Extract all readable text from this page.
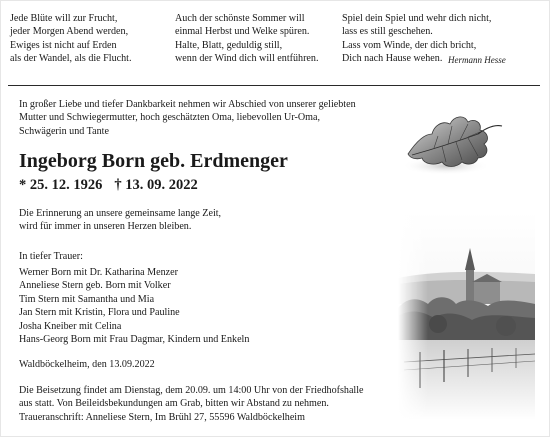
Jede Blüte will zur Frucht,
jeder Morgen Abend werden,
Ewiges ist nicht auf Erden
als der Wandel, als die Flucht.
Auch der schönste Sommer will
einmal Herbst und Welke spüren.
Halte, Blatt, geduldig still,
wenn der Wind dich will entführen.
Spiel dein Spiel und wehr dich nicht,
lass es still geschehen.
Lass vom Winde, der dich bricht,
Dich nach Hause wehen. Hermann Hesse
In großer Liebe und tiefer Dankbarkeit nehmen wir Abschied von unserer geliebten
Mutter und Schwiegermutter, hoch geschätzten Oma, liebevollen Ur-Oma,
Schwägerin und Tante
Ingeborg Born geb. Erdmenger
* 25. 12. 1926 † 13. 09. 2022
Die Erinnerung an unsere gemeinsame lange Zeit,
wird für immer in unseren Herzen bleiben.
In tiefer Trauer:
Werner Born mit Dr. Katharina Menzer
Anneliese Stern geb. Born mit Volker
Tim Stern mit Samantha und Mia
Jan Stern mit Kristin, Flora und Pauline
Josha Kneiber mit Celina
Hans-Georg Born mit Frau Dagmar, Kindern und Enkeln
Waldböckelheim, den 13.09.2022
Die Beisetzung findet am Dienstag, dem 20.09. um 14:00 Uhr von der Friedhofshalle
aus statt. Von Beileidsbekundungen am Grab, bitten wir Abstand zu nehmen.
Traueranschrift: Anneliese Stern, Im Brühl 27, 55596 Waldböckelheim
